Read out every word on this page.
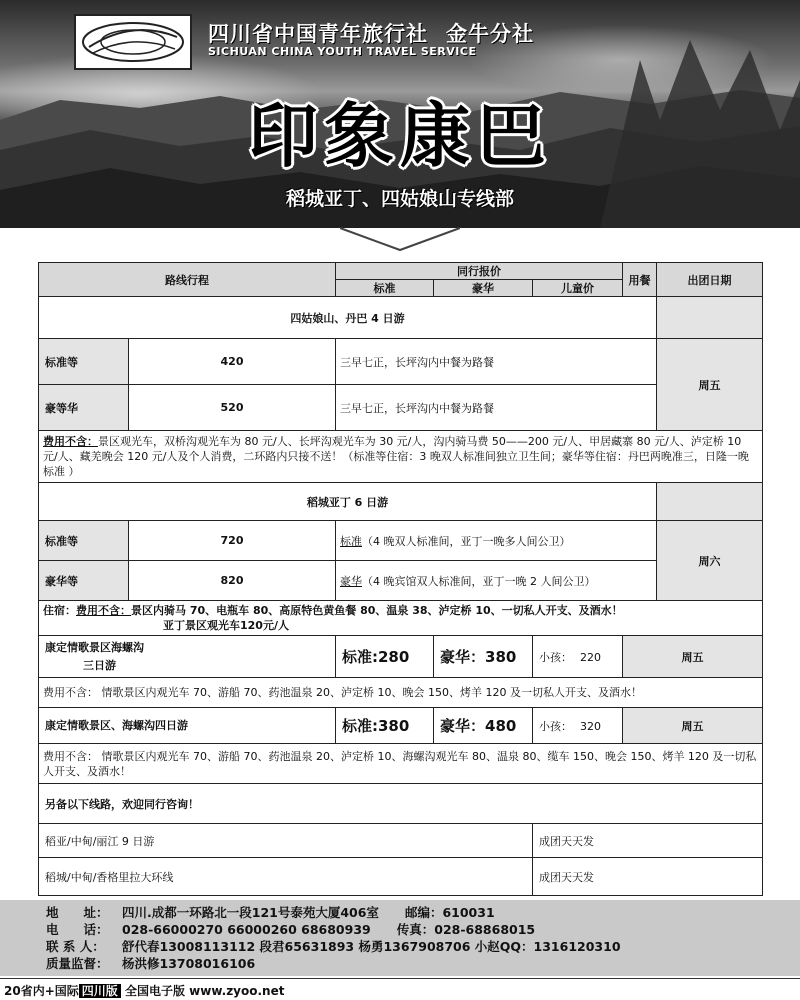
四川省中国青年旅行社 金牛分社
SICHUAN CHINA YOUTH TRAVEL SERVICE
印象康巴
稻城亚丁、四姑娘山专线部
路线行程		同行报价			用餐	出团日期
		标准	豪华	儿童价		
四姑娘山、丹巴 4 日游						
标准等	420	三早七正，长坪沟内中餐为路餐				周五
豪等华	520	三早七正，长坪沟内中餐为路餐				
费用不含：景区观光车，双桥沟观光车为 80 元/人、长坪沟观光车为 30 元/人，沟内骑马费 50——200 元/人、甲居藏寨 80 元/人、泸定桥 10 元/人、藏羌晚会 120 元/人及个人消费，二环路内只接不送！（标准等住宿：3 晚双人标准间独立卫生间；豪华等住宿：丹巴两晚准三，日隆一晚标准 ）						
稻城亚丁 6 日游						
标准等	720	标准（4 晚双人标准间，亚丁一晚多人间公卫）				周六
豪华等	820	豪华（4 晚宾馆双人标准间，亚丁一晚 2 人间公卫）				
住宿：费用不含：景区内骑马 70、电瓶车 80、高原特色黄鱼餐 80、温泉 38、泸定桥 10、一切私人开支、及酒水！
亚丁景区观光车120元/人						
康定情歌景区海螺沟
三日游		标准:280	豪华：380	小孩： 220	周五	
费用不含： 情歌景区内观光车 70、游船 70、药池温泉 20、泸定桥 10、晚会 150、烤羊 120 及一切私人开支、及酒水！						
康定情歌景区、海螺沟四日游		标准:380	豪华：480	小孩： 320	周五	
费用不含： 情歌景区内观光车 70、游船 70、药池温泉 20、泸定桥 10、海螺沟观光车 80、温泉 80、缆车 150、晚会 150、烤羊 120 及一切私人开支、及酒水！						
另备以下线路，欢迎同行咨询！						
稻亚/中甸/丽江 9 日游				成团天天发		
稻城/中甸/香格里拉大环线				成团天天发		
地　　址：	四川.成都一环路北一段121号泰苑大厦406室 邮编： 610031
电　　话：	028-66000270 66000260 68680939 传真： 028-68868015
联 系 人：	舒代春13008113112 段君65631893 杨勇1367908706 小赵QQ：1316120310
质量监督：	杨洪修13708016106
20省内+国际 四川版 全国电子版 www.zyoo.net
